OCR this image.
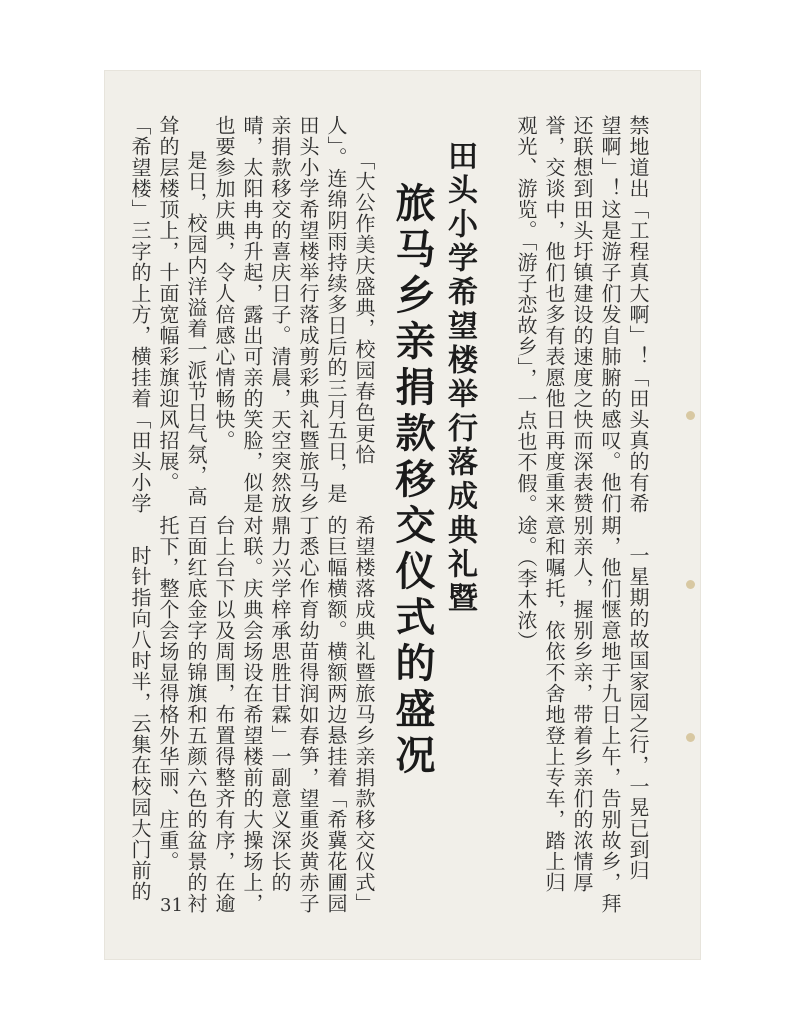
禁地道出「工程真大啊」！「田头真的有希
望啊」！这是游子们发自肺腑的感叹。他们
还联想到田头圩镇建设的速度之快而深表赞
誉，交谈中，他们也多有表愿他日再度重来
观光、游览。「游子恋故乡」，一点也不假。
「大公作美庆盛典，校园春色更恰
人」。连绵阴雨持续多日后的三月五日，是
田头小学希望楼举行落成剪彩典礼暨旅马乡
亲捐款移交的喜庆日子。清晨，天空突然放
晴，太阳冉冉升起，露出可亲的笑脸，似是
也要参加庆典，令人倍感心情畅快。
是日，校园内洋溢着一派节日气氛，高
耸的层楼顶上，十面宽幅彩旗迎风招展。
「希望楼」三字的上方，横挂着「田头小学	田头小学希望楼举行落成典礼暨
旅马乡亲捐款移交仪式的盛况	一星期的故国家园之行，一晃已到归
期，他们惬意地于九日上午，告别故乡，拜
别亲人，握别乡亲，带着乡亲们的浓情厚
意和嘱托，依依不舍地登上专车，踏上归
途。（李木浓）
希望楼落成典礼暨旅马乡亲捐款移交仪式」
的巨幅横额。横额两边悬挂着「希冀花圃园
丁悉心作育幼苗得润如春笋，望重炎黄赤子
鼎力兴学梓承思胜甘霖」一副意义深长的
对联。庆典会场设在希望楼前的大操场上，
台上台下以及周围，布置得整齐有序，在逾
百面红底金字的锦旗和五颜六色的盆景的衬
托下，整个会场显得格外华丽、庄重。
时针指向八时半，云集在校园大门前的
31
